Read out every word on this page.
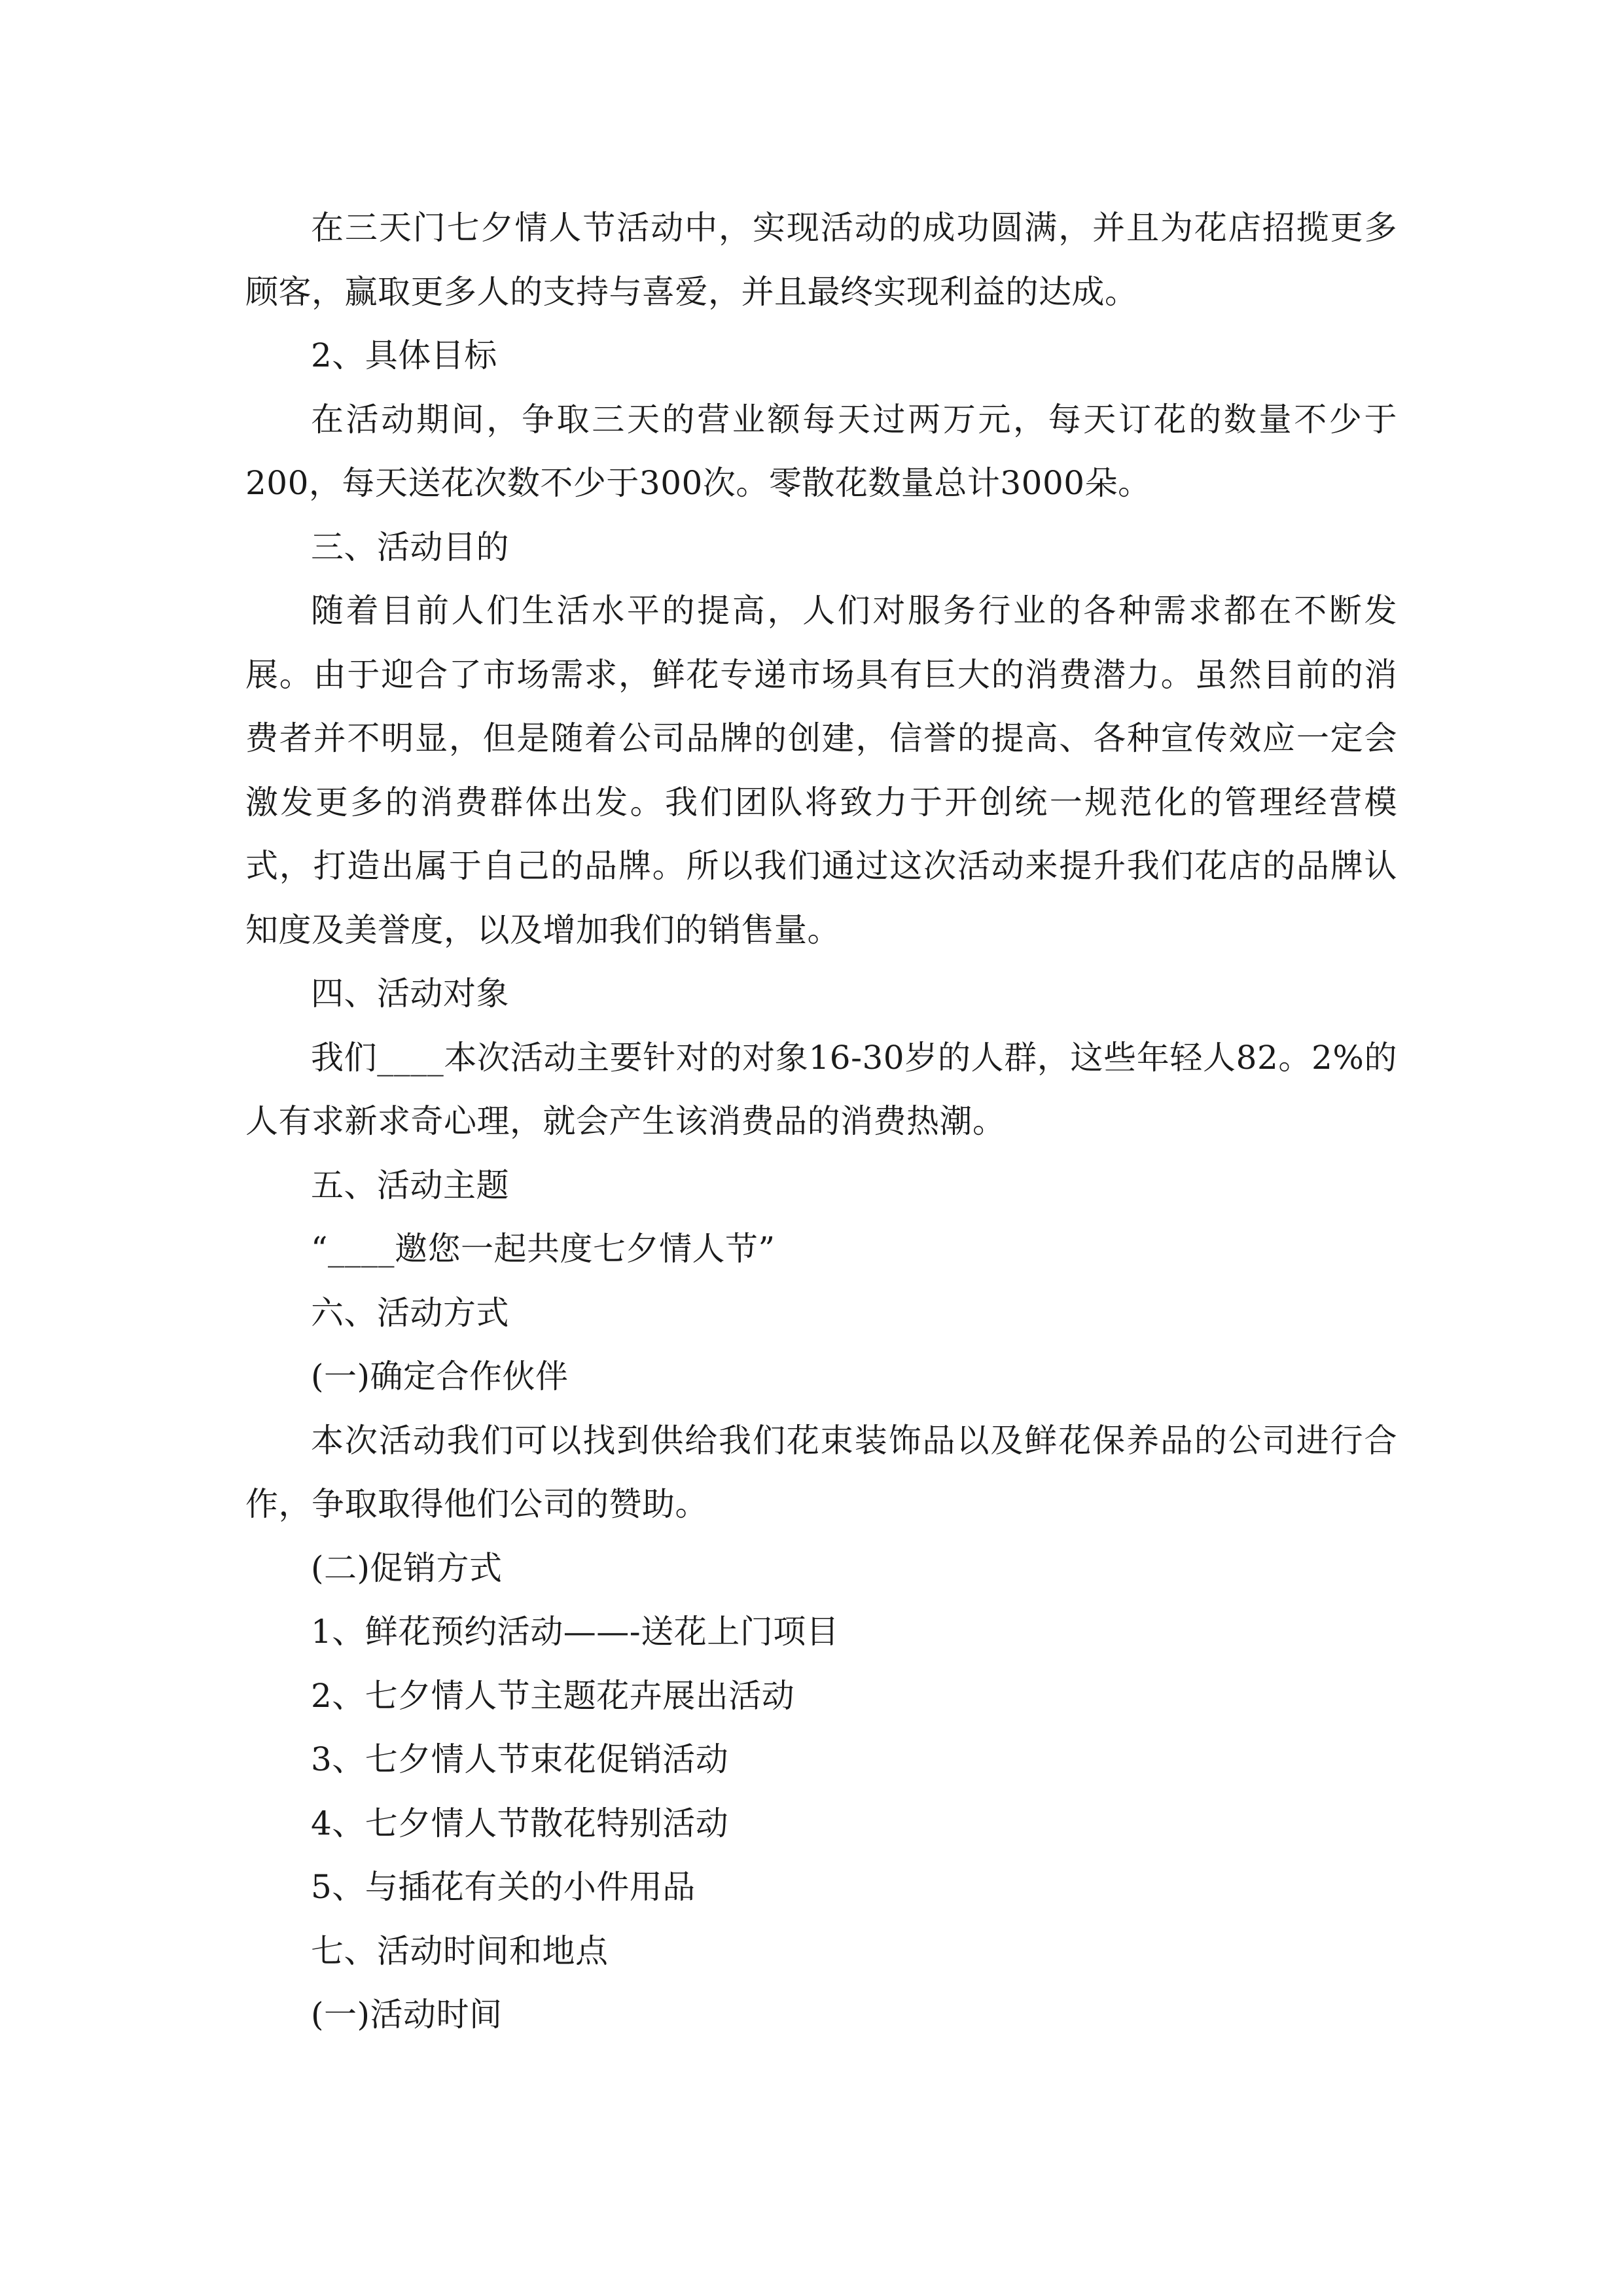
在三天门七夕情人节活动中，实现活动的成功圆满，并且为花店招揽更多顾客，赢取更多人的支持与喜爱，并且最终实现利益的达成。

2、具体目标

在活动期间，争取三天的营业额每天过两万元，每天订花的数量不少于200，每天送花次数不少于300次。零散花数量总计3000朵。

三、活动目的

随着目前人们生活水平的提高，人们对服务行业的各种需求都在不断发展。由于迎合了市场需求，鲜花专递市场具有巨大的消费潜力。虽然目前的消费者并不明显，但是随着公司品牌的创建，信誉的提高、各种宣传效应一定会激发更多的消费群体出发。我们团队将致力于开创统一规范化的管理经营模式，打造出属于自己的品牌。所以我们通过这次活动来提升我们花店的品牌认知度及美誉度，以及增加我们的销售量。

四、活动对象

我们____本次活动主要针对的对象16-30岁的人群，这些年轻人82。2%的人有求新求奇心理，就会产生该消费品的消费热潮。

五、活动主题

“____邀您一起共度七夕情人节”

六、活动方式

(一)确定合作伙伴

本次活动我们可以找到供给我们花束装饰品以及鲜花保养品的公司进行合作，争取取得他们公司的赞助。

(二)促销方式

1、鲜花预约活动——-送花上门项目

2、七夕情人节主题花卉展出活动

3、七夕情人节束花促销活动

4、七夕情人节散花特别活动

5、与插花有关的小件用品

七、活动时间和地点

(一)活动时间
